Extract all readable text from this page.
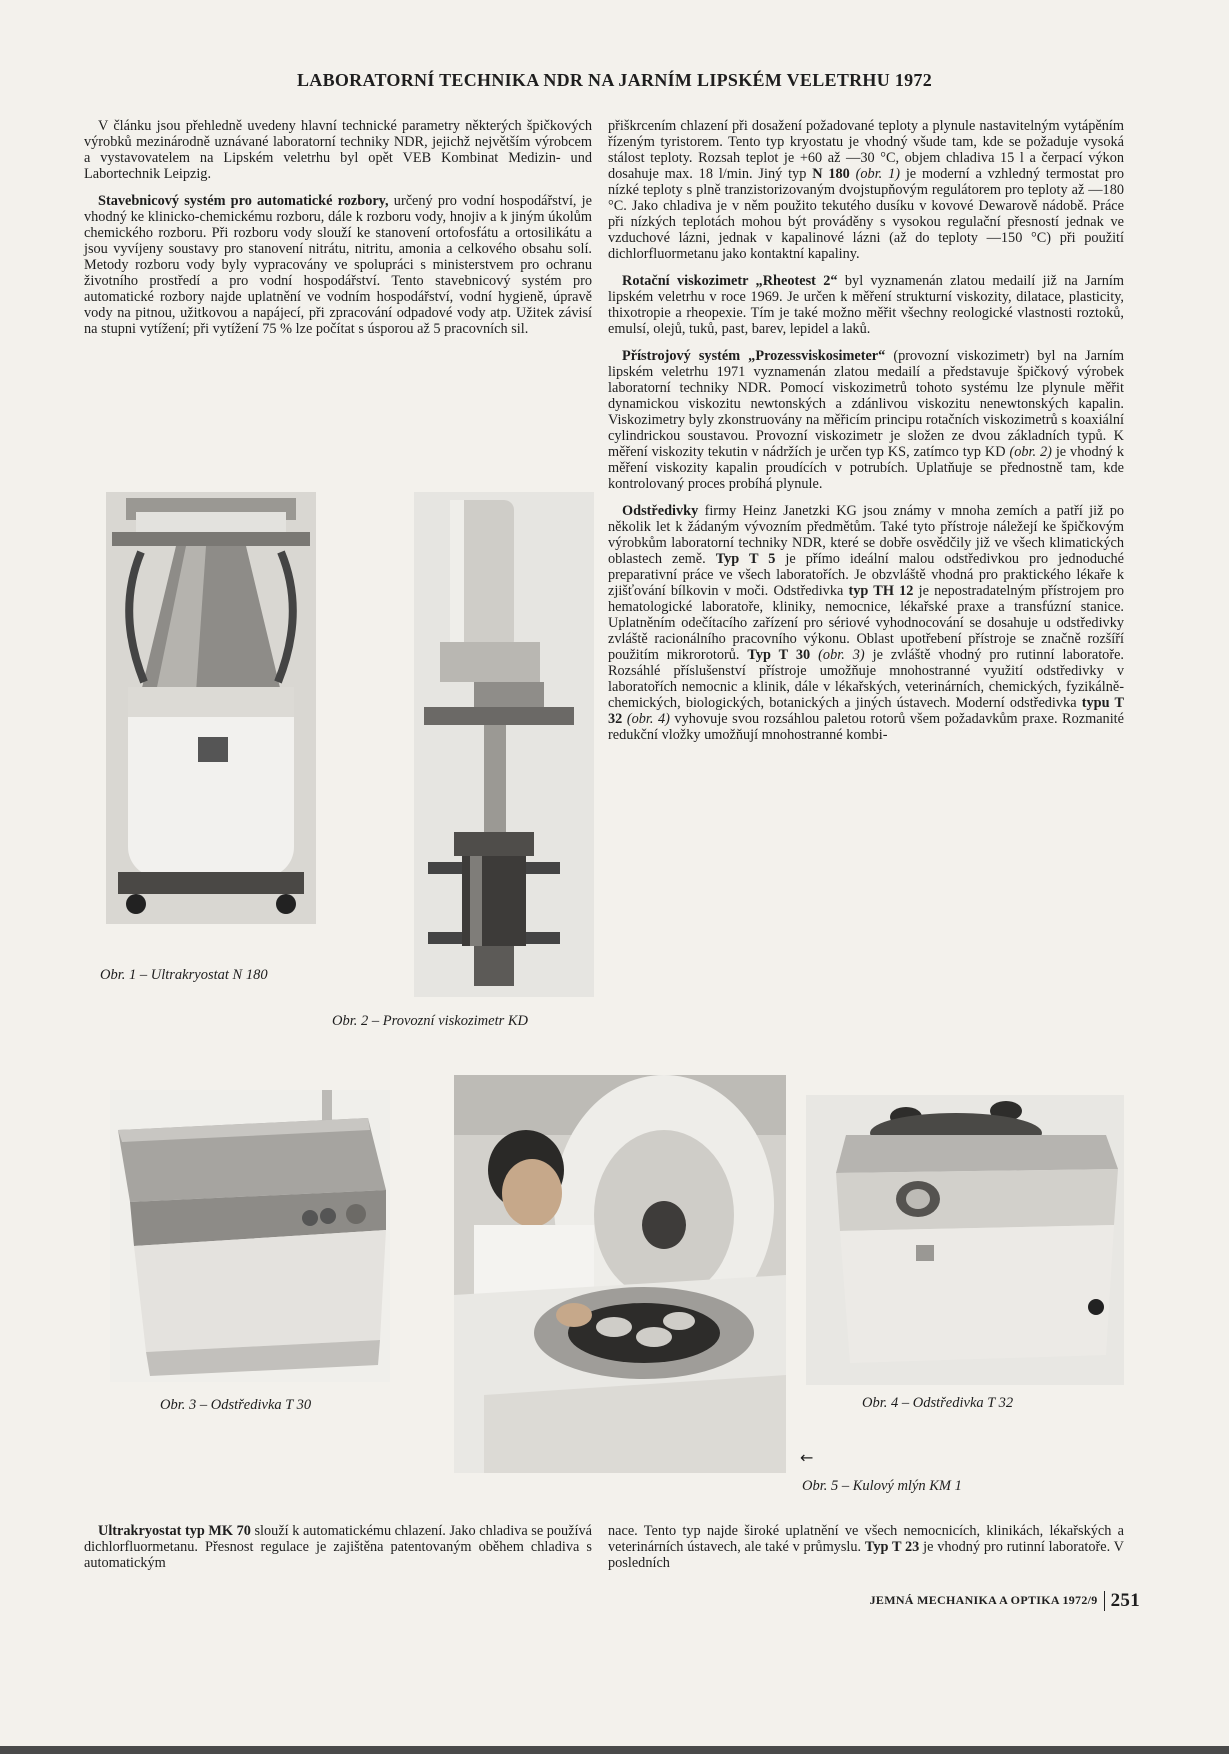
LABORATORNÍ TECHNIKA NDR NA JARNÍM LIPSKÉM VELETRHU 1972

V článku jsou přehledně uvedeny hlavní technické parametry některých špičkových výrobků mezinárodně uznávané laboratorní techniky NDR, jejichž největším výrobcem a vystavovatelem na Lipském veletrhu byl opět VEB Kombinat Medizin- und Labortechnik Leipzig.

Stavebnicový systém pro automatické rozbory, určený pro vodní hospodářství, je vhodný ke klinicko-chemickému rozboru, dále k rozboru vody, hnojiv a k jiným úkolům chemického rozboru. Při rozboru vody slouží ke stanovení ortofosfátu a ortosilikátu a jsou vyvíjeny soustavy pro stanovení nitrátu, nitritu, amonia a celkového obsahu solí. Metody rozboru vody byly vypracovány ve spolupráci s ministerstvem pro ochranu životního prostředí a pro vodní hospodářství. Tento stavebnicový systém pro automatické rozbory najde uplatnění ve vodním hospodářství, vodní hygieně, úpravě vody na pitnou, užitkovou a napájecí, při zpracování odpadové vody atp. Užitek závisí na stupni vytížení; při vytížení 75 % lze počítat s úsporou až 5 pracovních sil.

přiškrcením chlazení při dosažení požadované teploty a plynule nastavitelným vytápěním řízeným tyristorem. Tento typ kryostatu je vhodný všude tam, kde se požaduje vysoká stálost teploty. Rozsah teplot je +60 až —30 °C, objem chladiva 15 l a čerpací výkon dosahuje max. 18 l/min. Jiný typ N 180 (obr. 1) je moderní a vzhledný termostat pro nízké teploty s plně tranzistorizovaným dvojstupňovým regulátorem pro teploty až —180 °C. Jako chladiva je v něm použito tekutého dusíku v kovové Dewarově nádobě. Práce při nízkých teplotách mohou být prováděny s vysokou regulační přesností jednak ve vzduchové lázni, jednak v kapalinové lázni (až do teploty —150 °C) při použití dichlorfluormetanu jako kontaktní kapaliny.

Rotační viskozimetr „Rheotest 2“ byl vyznamenán zlatou medailí již na Jarním lipském veletrhu v roce 1969. Je určen k měření strukturní viskozity, dilatace, plasticity, thixotropie a rheopexie. Tím je také možno měřit všechny reologické vlastnosti roztoků, emulsí, olejů, tuků, past, barev, lepidel a laků.

Přístrojový systém „Prozessviskosimeter“ (provozní viskozimetr) byl na Jarním lipském veletrhu 1971 vyznamenán zlatou medailí a představuje špičkový výrobek laboratorní techniky NDR. Pomocí viskozimetrů tohoto systému lze plynule měřit dynamickou viskozitu newtonských a zdánlivou viskozitu nenewtonských kapalin. Viskozimetry byly zkonstruovány na měřicím principu rotačních viskozimetrů s koaxiální cylindrickou soustavou. Provozní viskozimetr je složen ze dvou základních typů. K měření viskozity tekutin v nádržích je určen typ KS, zatímco typ KD (obr. 2) je vhodný k měření viskozity kapalin proudících v potrubích. Uplatňuje se přednostně tam, kde kontrolovaný proces probíhá plynule.

Odstředivky firmy Heinz Janetzki KG jsou známy v mnoha zemích a patří již po několik let k žádaným vývozním předmětům. Také tyto přístroje náležejí ke špičkovým výrobkům laboratorní techniky NDR, které se dobře osvědčily již ve všech klimatických oblastech země. Typ T 5 je přímo ideální malou odstředivkou pro jednoduché preparativní práce ve všech laboratořích. Je obzvláště vhodná pro praktického lékaře k zjišťování bílkovin v moči. Odstředivka typ TH 12 je nepostradatelným přístrojem pro hematologické laboratoře, kliniky, nemocnice, lékařské praxe a transfúzní stanice. Uplatněním odečítacího zařízení pro sériové vyhodnocování se dosahuje u odstředivky zvláště racionálního pracovního výkonu. Oblast upotřebení přístroje se značně rozšíří použitím mikrorotorů. Typ T 30 (obr. 3) je zvláště vhodný pro rutinní laboratoře. Rozsáhlé příslušenství přístroje umožňuje mnohostranné využití odstředivky v laboratořích nemocnic a klinik, dále v lékařských, veterinárních, chemických, fyzikálně-chemických, biologických, botanických a jiných ústavech. Moderní odstředivka typu T 32 (obr. 4) vyhovuje svou rozsáhlou paletou rotorů všem požadavkům praxe. Rozmanité redukční vložky umožňují mnohostranné kombi-

Obr. 1 – Ultrakryostat N 180
Obr. 2 – Provozní viskozimetr KD
Obr. 3 – Odstředivka T 30	Obr. 4 – Odstředivka T 32
←
Obr. 5 – Kulový mlýn KM 1

Ultrakryostat typ MK 70 slouží k automatickému chlazení. Jako chladiva se používá dichlorfluormetanu. Přesnost regulace je zajištěna patentovaným oběhem chladiva s automatickým

nace. Tento typ najde široké uplatnění ve všech nemocnicích, klinikách, lékařských a veterinárních ústavech, ale také v průmyslu. Typ T 23 je vhodný pro rutinní laboratoře. V posledních

JEMNÁ MECHANIKA A OPTIKA 1972/9 251
